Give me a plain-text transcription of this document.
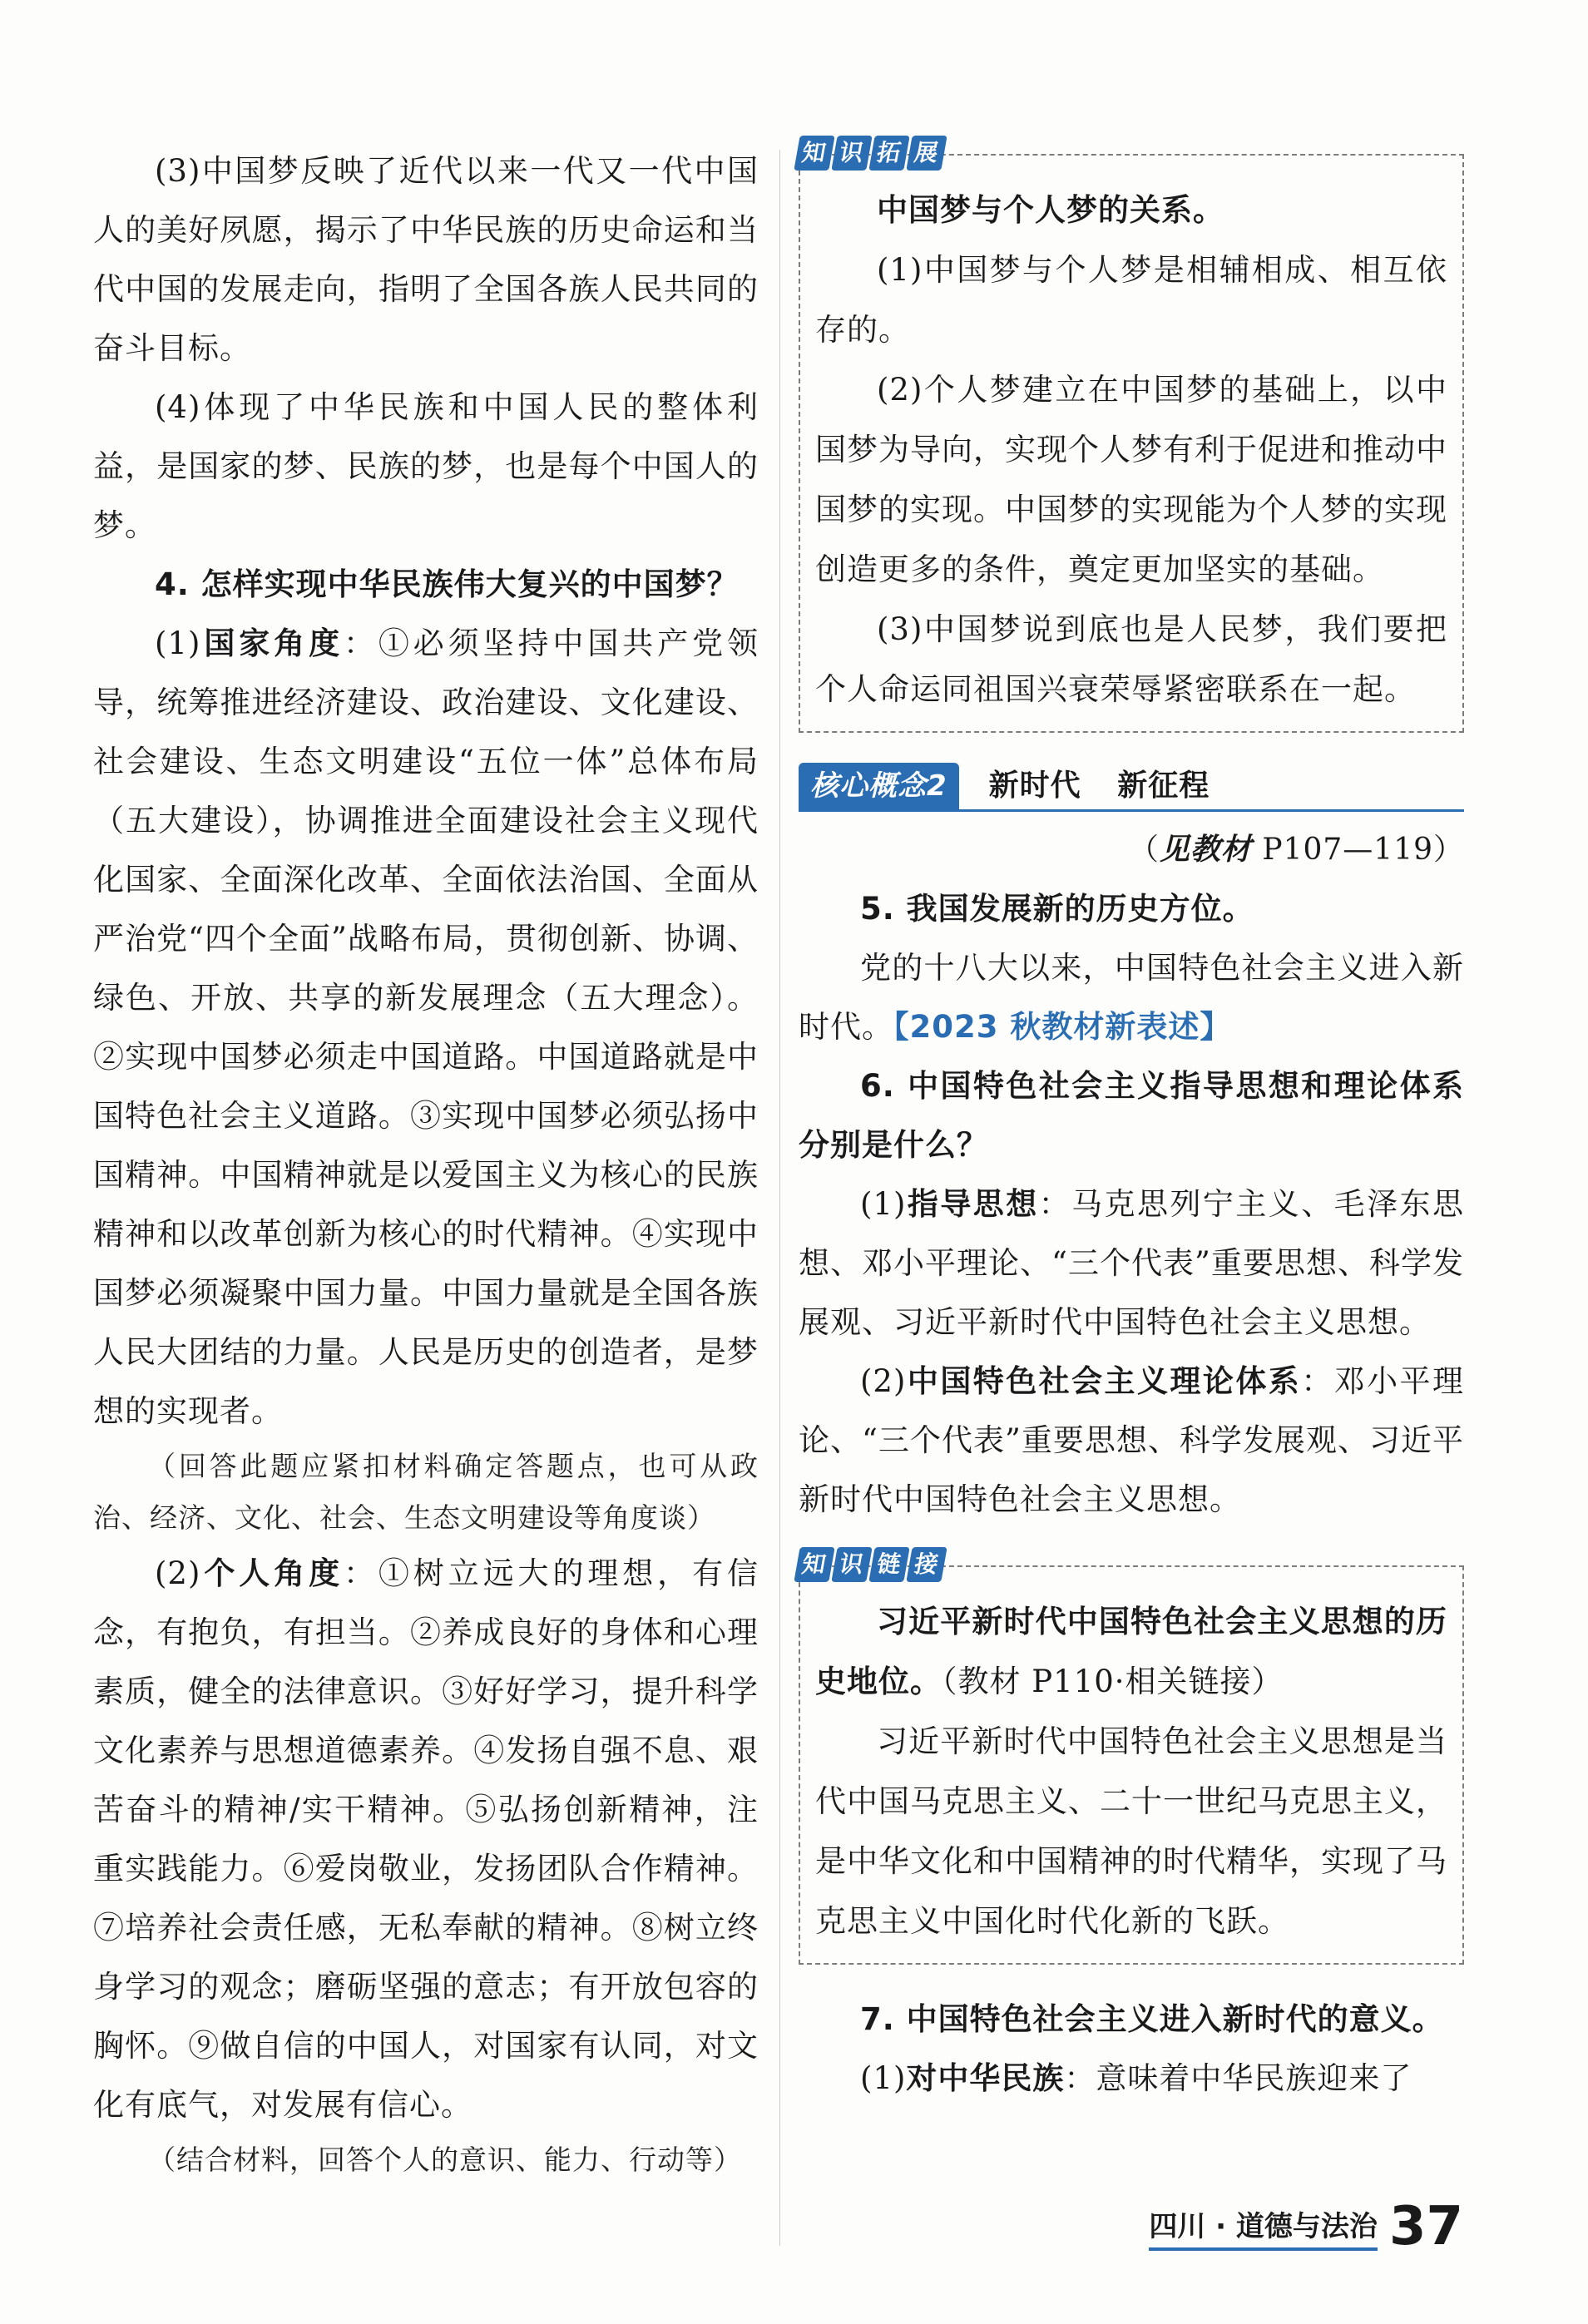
(3)中国梦反映了近代以来一代又一代中国人的美好夙愿，揭示了中华民族的历史命运和当代中国的发展走向，指明了全国各族人民共同的奋斗目标。

(4)体现了中华民族和中国人民的整体利益，是国家的梦、民族的梦，也是每个中国人的梦。

4. 怎样实现中华民族伟大复兴的中国梦？

(1)国家角度：①必须坚持中国共产党领导，统筹推进经济建设、政治建设、文化建设、社会建设、生态文明建设“五位一体”总体布局（五大建设），协调推进全面建设社会主义现代化国家、全面深化改革、全面依法治国、全面从严治党“四个全面”战略布局，贯彻创新、协调、绿色、开放、共享的新发展理念（五大理念）。②实现中国梦必须走中国道路。中国道路就是中国特色社会主义道路。③实现中国梦必须弘扬中国精神。中国精神就是以爱国主义为核心的民族精神和以改革创新为核心的时代精神。④实现中国梦必须凝聚中国力量。中国力量就是全国各族人民大团结的力量。人民是历史的创造者，是梦想的实现者。

（回答此题应紧扣材料确定答题点，也可从政治、经济、文化、社会、生态文明建设等角度谈）

(2)个人角度：①树立远大的理想，有信念，有抱负，有担当。②养成良好的身体和心理素质，健全的法律意识。③好好学习，提升科学文化素养与思想道德素养。④发扬自强不息、艰苦奋斗的精神/实干精神。⑤弘扬创新精神，注重实践能力。⑥爱岗敬业，发扬团队合作精神。⑦培养社会责任感，无私奉献的精神。⑧树立终身学习的观念；磨砺坚强的意志；有开放包容的胸怀。⑨做自信的中国人，对国家有认同，对文化有底气，对发展有信心。

（结合材料，回答个人的意识、能力、行动等）

知 识 拓 展

中国梦与个人梦的关系。

(1)中国梦与个人梦是相辅相成、相互依存的。

(2)个人梦建立在中国梦的基础上，以中国梦为导向，实现个人梦有利于促进和推动中国梦的实现。中国梦的实现能为个人梦的实现创造更多的条件，奠定更加坚实的基础。

(3)中国梦说到底也是人民梦，我们要把个人命运同祖国兴衰荣辱紧密联系在一起。

核心概念2	新时代 新征程

（见教材 P107—119）

5. 我国发展新的历史方位。

党的十八大以来，中国特色社会主义进入新时代。【2023 秋教材新表述】

6. 中国特色社会主义指导思想和理论体系分别是什么？

(1)指导思想：马克思列宁主义、毛泽东思想、邓小平理论、“三个代表”重要思想、科学发展观、习近平新时代中国特色社会主义思想。

(2)中国特色社会主义理论体系：邓小平理论、“三个代表”重要思想、科学发展观、习近平新时代中国特色社会主义思想。

知 识 链 接

习近平新时代中国特色社会主义思想的历史地位。（教材 P110·相关链接）

习近平新时代中国特色社会主义思想是当代中国马克思主义、二十一世纪马克思主义，是中华文化和中国精神的时代精华，实现了马克思主义中国化时代化新的飞跃。

7. 中国特色社会主义进入新时代的意义。

(1)对中华民族：意味着中华民族迎来了

四川 · 道德与法治 37
